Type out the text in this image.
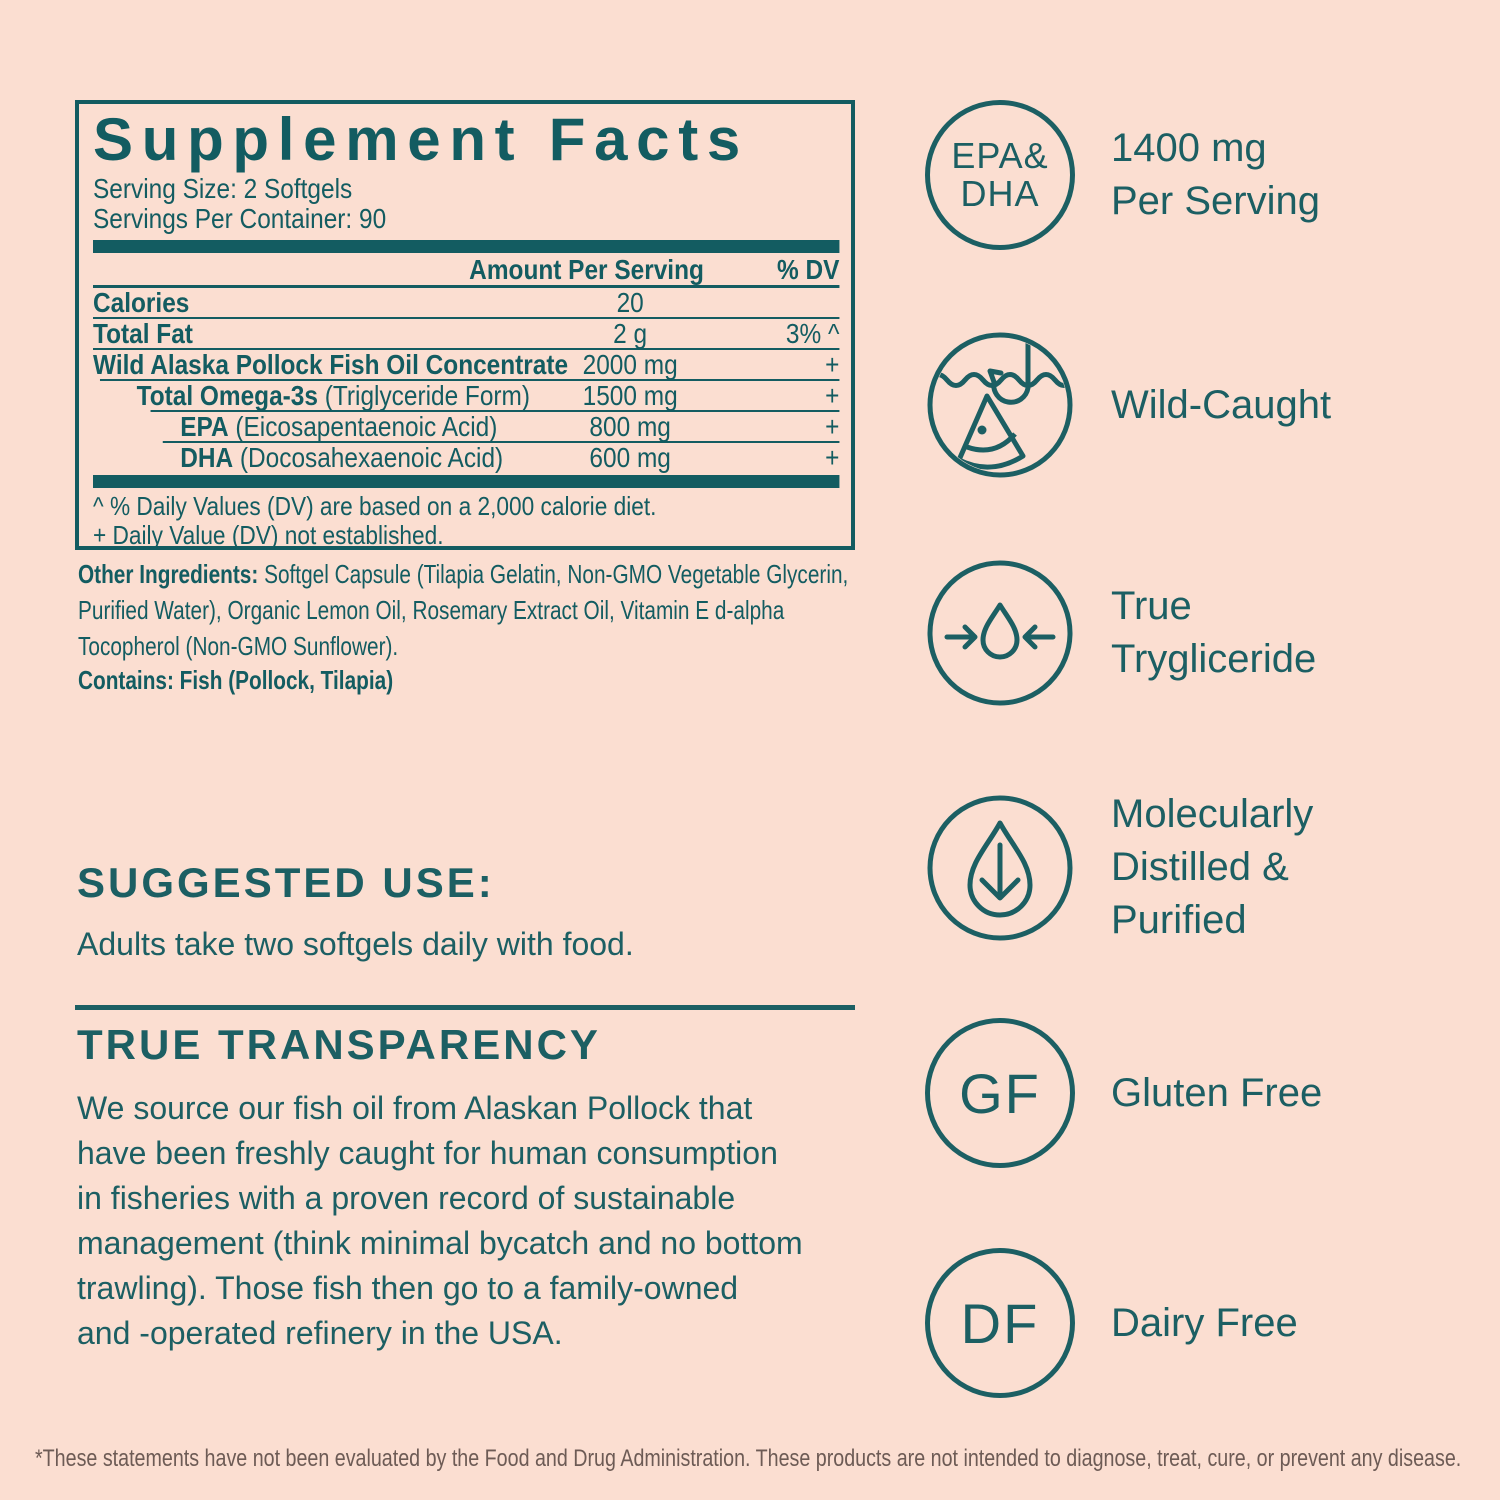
Supplement Facts
Serving Size: 2 Softgels
Servings Per Container: 90
Amount Per Serving	% DV
Calories	20
Total Fat	2 g	3% ^
Wild Alaska Pollock Fish Oil Concentrate 2000 mg	+
Total Omega-3s (Triglyceride Form)	1500 mg	+
EPA (Eicosapentaenoic Acid)	800 mg	+
DHA (Docosahexaenoic Acid)	600 mg	+
^ % Daily Values (DV) are based on a 2,000 calorie diet.
+ Daily Value (DV) not established.
Other Ingredients: Softgel Capsule (Tilapia Gelatin, Non-GMO Vegetable Glycerin,
Purified Water), Organic Lemon Oil, Rosemary Extract Oil, Vitamin E d-alpha
Tocopherol (Non-GMO Sunflower).
Contains: Fish (Pollock, Tilapia)
SUGGESTED USE:
Adults take two softgels daily with food.
TRUE TRANSPARENCY
We source our fish oil from Alaskan Pollock that
have been freshly caught for human consumption
in fisheries with a proven record of sustainable
management (think minimal bycatch and no bottom
trawling). Those fish then go to a family-owned
and -operated refinery in the USA.
EPA&
DHA
1400 mg
Per Serving
Wild-Caught
True
Trygliceride
Molecularly
Distilled &
Purified
GF Gluten Free
DF Dairy Free
*These statements have not been evaluated by the Food and Drug Administration. These products are not intended to diagnose, treat, cure, or prevent any disease.
